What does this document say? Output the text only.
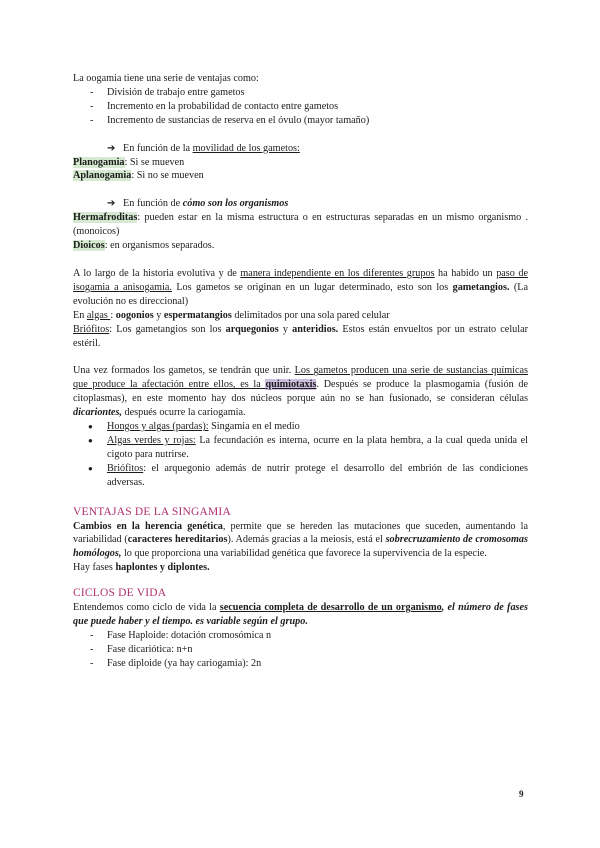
La oogamia tiene una serie de ventajas como:

- División de trabajo entre gametos
- Incremento en la probabilidad de contacto entre gametos
- Incremento de sustancias de reserva en el óvulo (mayor tamaño)

➔ En función de la movilidad de los gametos:

Planogamia: Si se mueven

Aplanogamia: Si no se mueven

➔ En función de cómo son los organismos

Hermafroditas: pueden estar en la misma estructura o en estructuras separadas en un mismo organismo . (monoicos)

Dioicos: en organismos separados.

A lo largo de la historia evolutiva y de manera independiente en los diferentes grupos ha habido un paso de isogamia a anisogamia. Los gametos se originan en un lugar determinado, esto son los gametangios. (La evolución no es direccional)

En algas : oogonios y espermatangios delimitados por una sola pared celular

Briófitos: Los gametangios son los arquegonios y anteridios. Estos están envueltos por un estrato celular estéril.

Una vez formados los gametos, se tendrán que unir. Los gametos producen una serie de sustancias químicas que produce la afectación entre ellos, es la quimiotaxis. Después se produce la plasmogamia (fusión de citoplasmas), en este momento hay dos núcleos porque aún no se han fusionado, se consideran células dicariontes, después ocurre la cariogamia.

● Hongos y algas (pardas): Singamia en el medio
● Algas verdes y rojas: La fecundación es interna, ocurre en la plata hembra, a la cual queda unida el cigoto para nutrirse.
● Briófitos: el arquegonio además de nutrir protege el desarrollo del embrión de las condiciones adversas.
VENTAJAS DE LA SINGAMIA

Cambios en la herencia genética, permite que se hereden las mutaciones que suceden, aumentando la variabilidad (caracteres hereditarios). Además gracias a la meiosis, está el sobrecruzamiento de cromosomas homólogos, lo que proporciona una variabilidad genética que favorece la supervivencia de la especie.

Hay fases haplontes y diplontes.

CICLOS DE VIDA

Entendemos como ciclo de vida la secuencia completa de desarrollo de un organismo, el número de fases que puede haber y el tiempo. es variable según el grupo.

- Fase Haploide: dotación cromosómica n
- Fase dicariótica: n+n
- Fase diploide (ya hay cariogamia): 2n
9
